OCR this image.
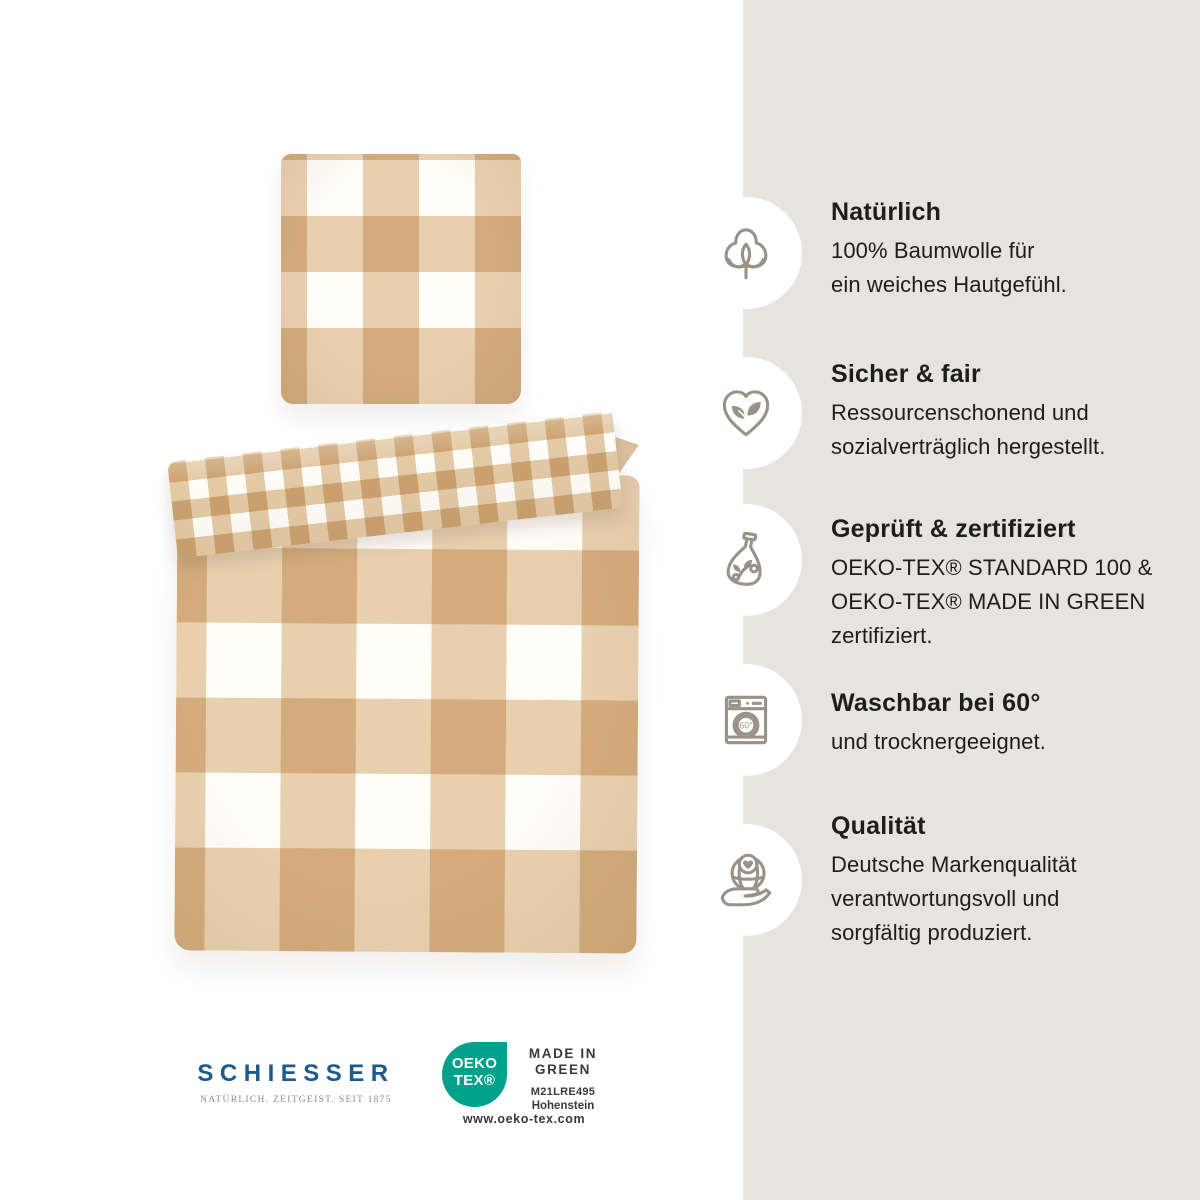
Natürlich

100% Baumwolle für

ein weiches Hautgefühl.

Sicher & fair

Ressourcenschonend und

sozialverträglich hergestellt.

Geprüft & zertifiziert

OEKO-TEX® STANDARD 100 &

OEKO-TEX® MADE IN GREEN

zertifiziert.

60°
Waschbar bei 60°

und trocknergeeignet.

Qualität

Deutsche Markenqualität

verantwortungsvoll und

sorgfältig produziert.

SCHIESSER
NATÜRLICH. ZEITGEIST. SEIT 1875
OEKO
TEX®
MADE IN
GREEN
M21LRE495
Hohenstein
www.oeko-tex.com
